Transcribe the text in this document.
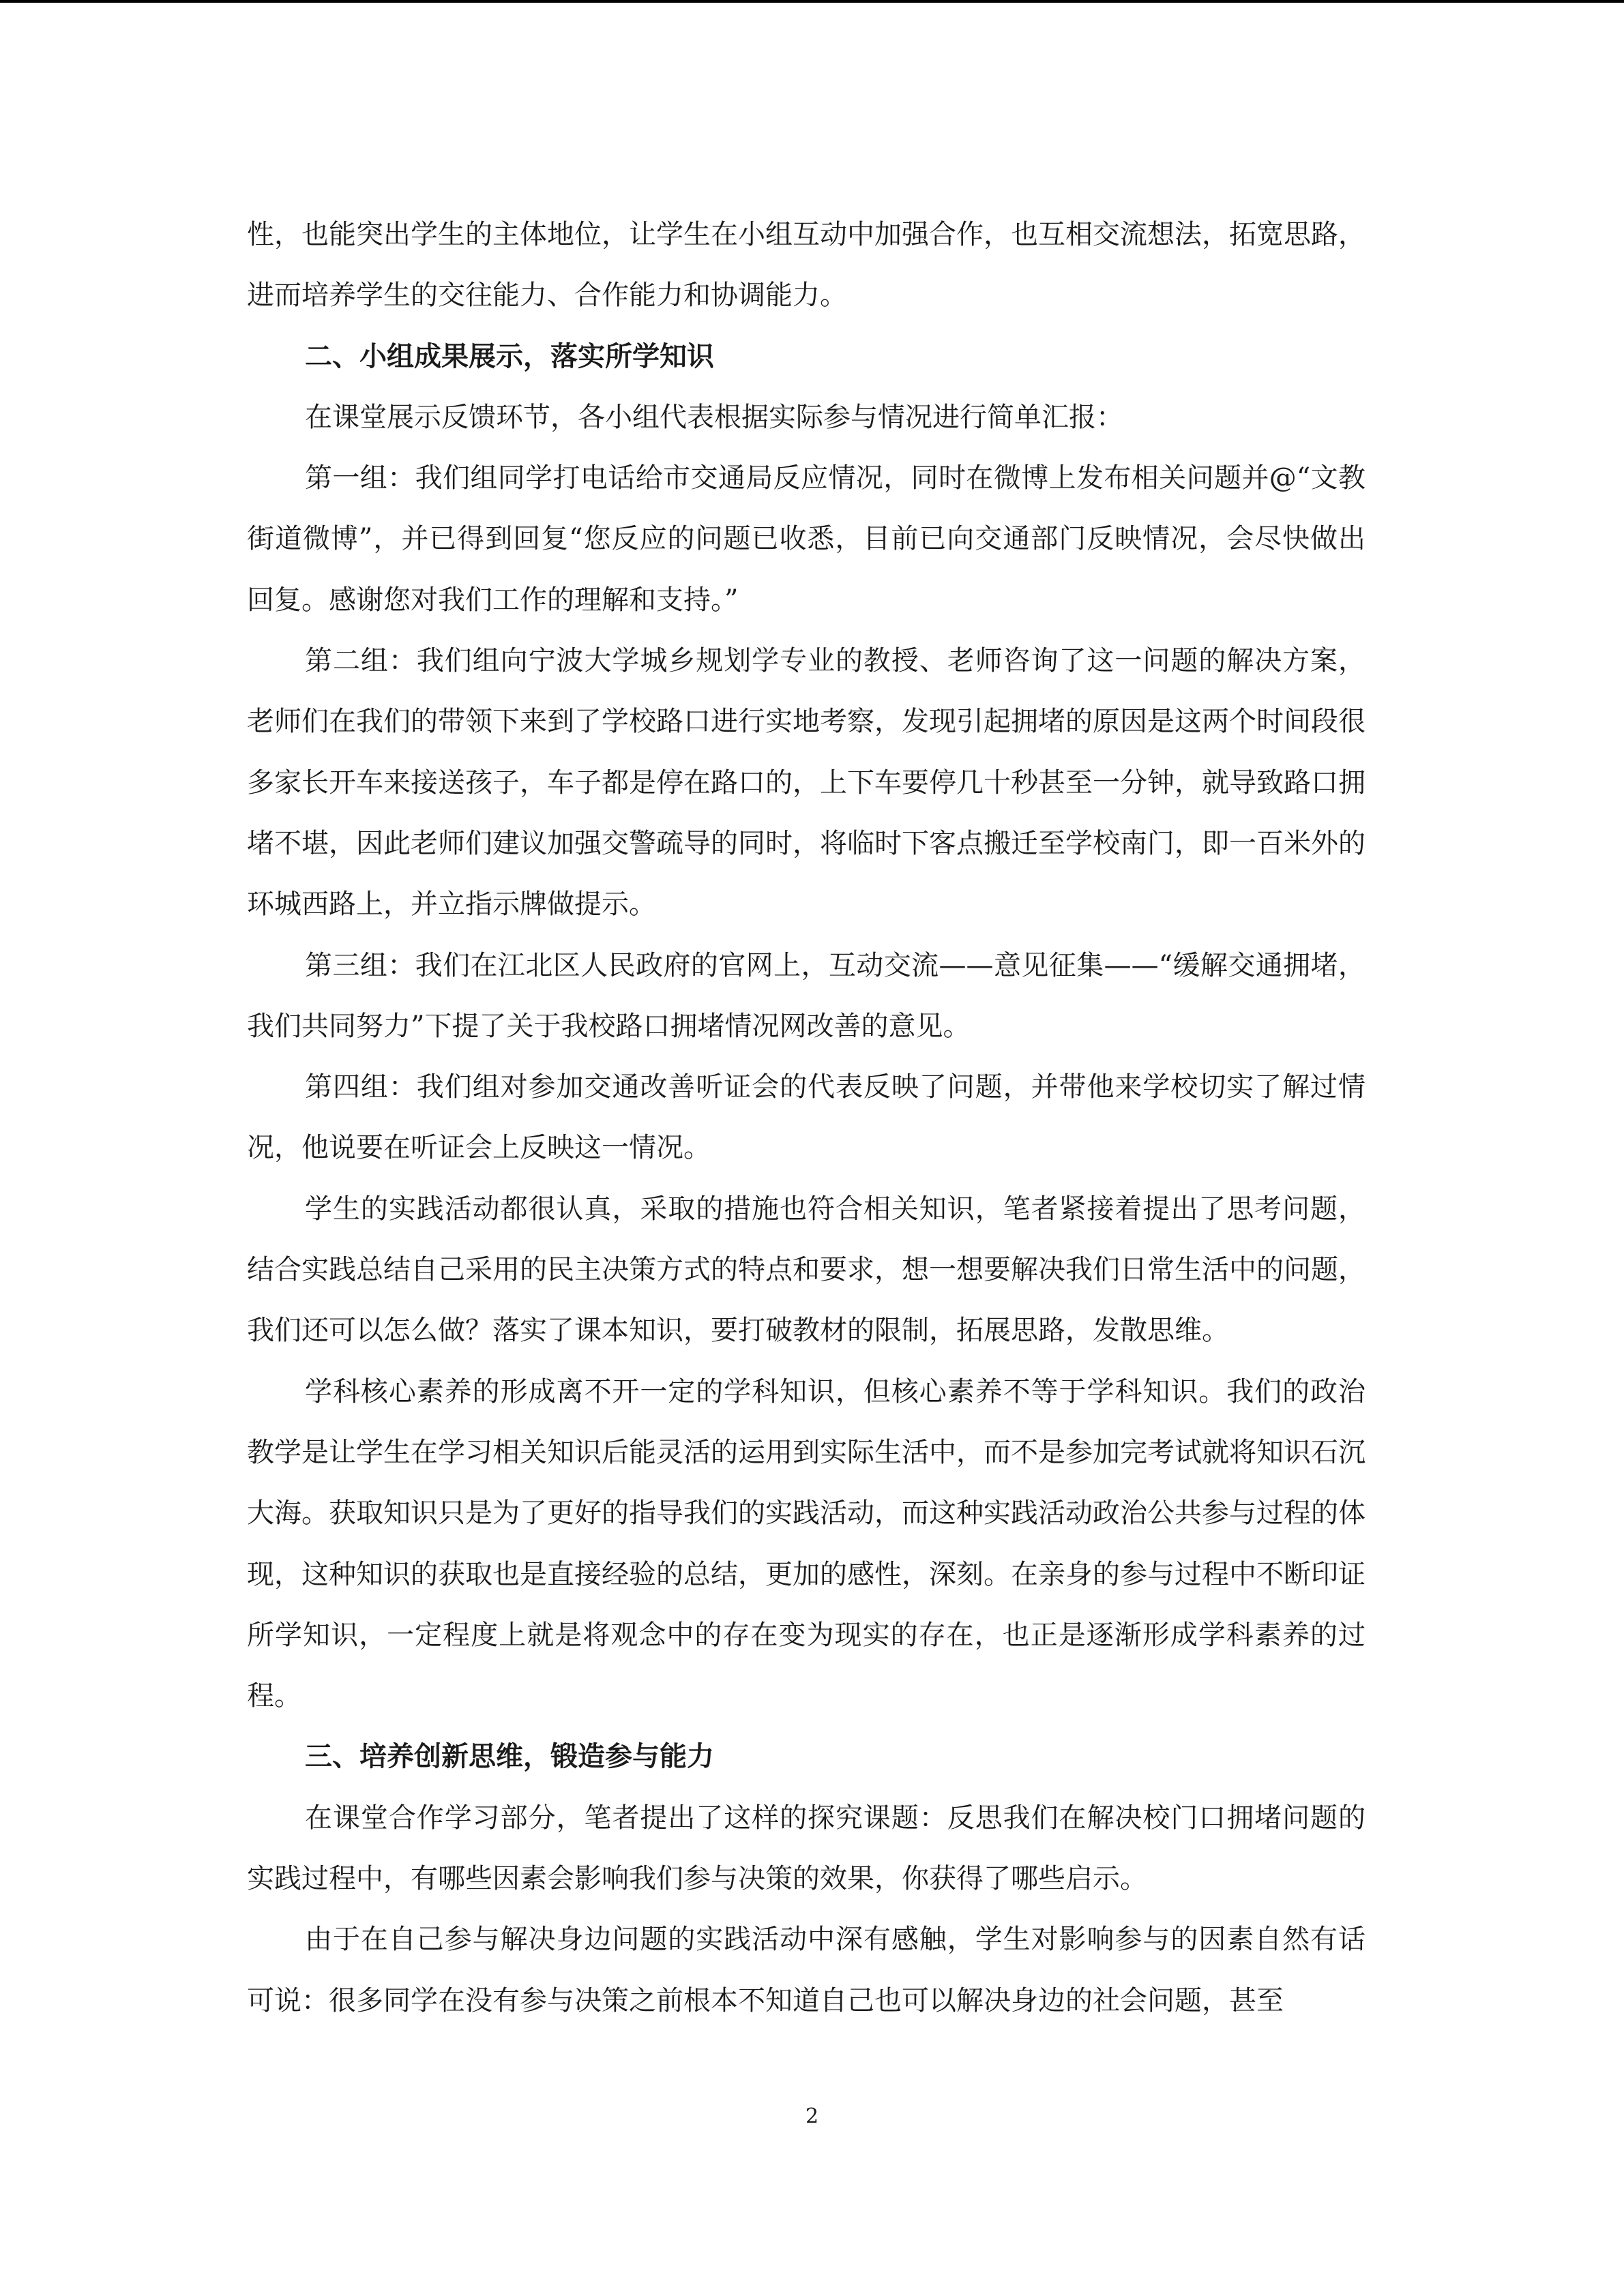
性，也能突出学生的主体地位，让学生在小组互动中加强合作，也互相交流想法，拓宽思路，进而培养学生的交往能力、合作能力和协调能力。

二、小组成果展示，落实所学知识

在课堂展示反馈环节，各小组代表根据实际参与情况进行简单汇报：

第一组：我们组同学打电话给市交通局反应情况，同时在微博上发布相关问题并@“文教街道微博”，并已得到回复“您反应的问题已收悉，目前已向交通部门反映情况，会尽快做出回复。感谢您对我们工作的理解和支持。”

第二组：我们组向宁波大学城乡规划学专业的教授、老师咨询了这一问题的解决方案，老师们在我们的带领下来到了学校路口进行实地考察，发现引起拥堵的原因是这两个时间段很多家长开车来接送孩子，车子都是停在路口的，上下车要停几十秒甚至一分钟，就导致路口拥堵不堪，因此老师们建议加强交警疏导的同时，将临时下客点搬迁至学校南门，即一百米外的环城西路上，并立指示牌做提示。

第三组：我们在江北区人民政府的官网上，互动交流——意见征集——“缓解交通拥堵，我们共同努力”下提了关于我校路口拥堵情况网改善的意见。

第四组：我们组对参加交通改善听证会的代表反映了问题，并带他来学校切实了解过情况，他说要在听证会上反映这一情况。

学生的实践活动都很认真，采取的措施也符合相关知识，笔者紧接着提出了思考问题，结合实践总结自己采用的民主决策方式的特点和要求，想一想要解决我们日常生活中的问题，我们还可以怎么做？落实了课本知识，要打破教材的限制，拓展思路，发散思维。

学科核心素养的形成离不开一定的学科知识，但核心素养不等于学科知识。我们的政治教学是让学生在学习相关知识后能灵活的运用到实际生活中，而不是参加完考试就将知识石沉大海。获取知识只是为了更好的指导我们的实践活动，而这种实践活动政治公共参与过程的体现，这种知识的获取也是直接经验的总结，更加的感性，深刻。在亲身的参与过程中不断印证所学知识，一定程度上就是将观念中的存在变为现实的存在，也正是逐渐形成学科素养的过程。

三、培养创新思维，锻造参与能力

在课堂合作学习部分，笔者提出了这样的探究课题：反思我们在解决校门口拥堵问题的实践过程中，有哪些因素会影响我们参与决策的效果，你获得了哪些启示。

由于在自己参与解决身边问题的实践活动中深有感触，学生对影响参与的因素自然有话可说：很多同学在没有参与决策之前根本不知道自己也可以解决身边的社会问题，甚至

2
